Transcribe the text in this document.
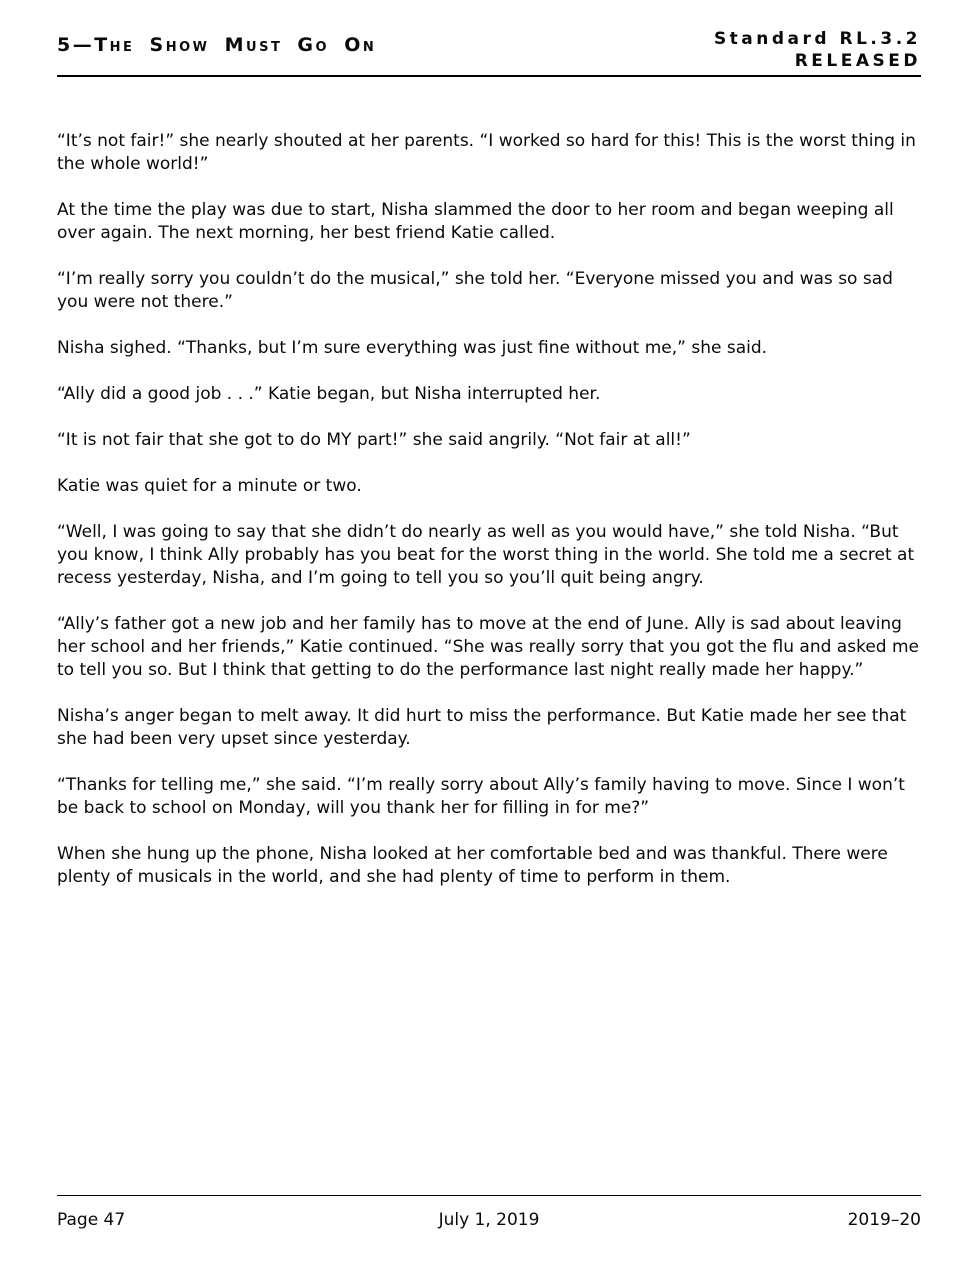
5—The Show Must Go On	Standard RL.3.2
RELEASED

“It’s not fair!” she nearly shouted at her parents. “I worked so hard for this! This is the worst thing in the whole world!”

At the time the play was due to start, Nisha slammed the door to her room and began weeping all over again. The next morning, her best friend Katie called.

“I’m really sorry you couldn’t do the musical,” she told her. “Everyone missed you and was so sad you were not there.”

Nisha sighed. “Thanks, but I’m sure everything was just fine without me,” she said.

“Ally did a good job . . .” Katie began, but Nisha interrupted her.

“It is not fair that she got to do MY part!” she said angrily. “Not fair at all!”

Katie was quiet for a minute or two.

“Well, I was going to say that she didn’t do nearly as well as you would have,” she told Nisha. “But you know, I think Ally probably has you beat for the worst thing in the world. She told me a secret at recess yesterday, Nisha, and I’m going to tell you so you’ll quit being angry.

“Ally’s father got a new job and her family has to move at the end of June. Ally is sad about leaving her school and her friends,” Katie continued. “She was really sorry that you got the flu and asked me to tell you so. But I think that getting to do the performance last night really made her happy.”

Nisha’s anger began to melt away. It did hurt to miss the performance. But Katie made her see that she had been very upset since yesterday.

“Thanks for telling me,” she said. “I’m really sorry about Ally’s family having to move. Since I won’t be back to school on Monday, will you thank her for filling in for me?”

When she hung up the phone, Nisha looked at her comfortable bed and was thankful. There were plenty of musicals in the world, and she had plenty of time to perform in them.

Page 47	July 1, 2019	2019–20
